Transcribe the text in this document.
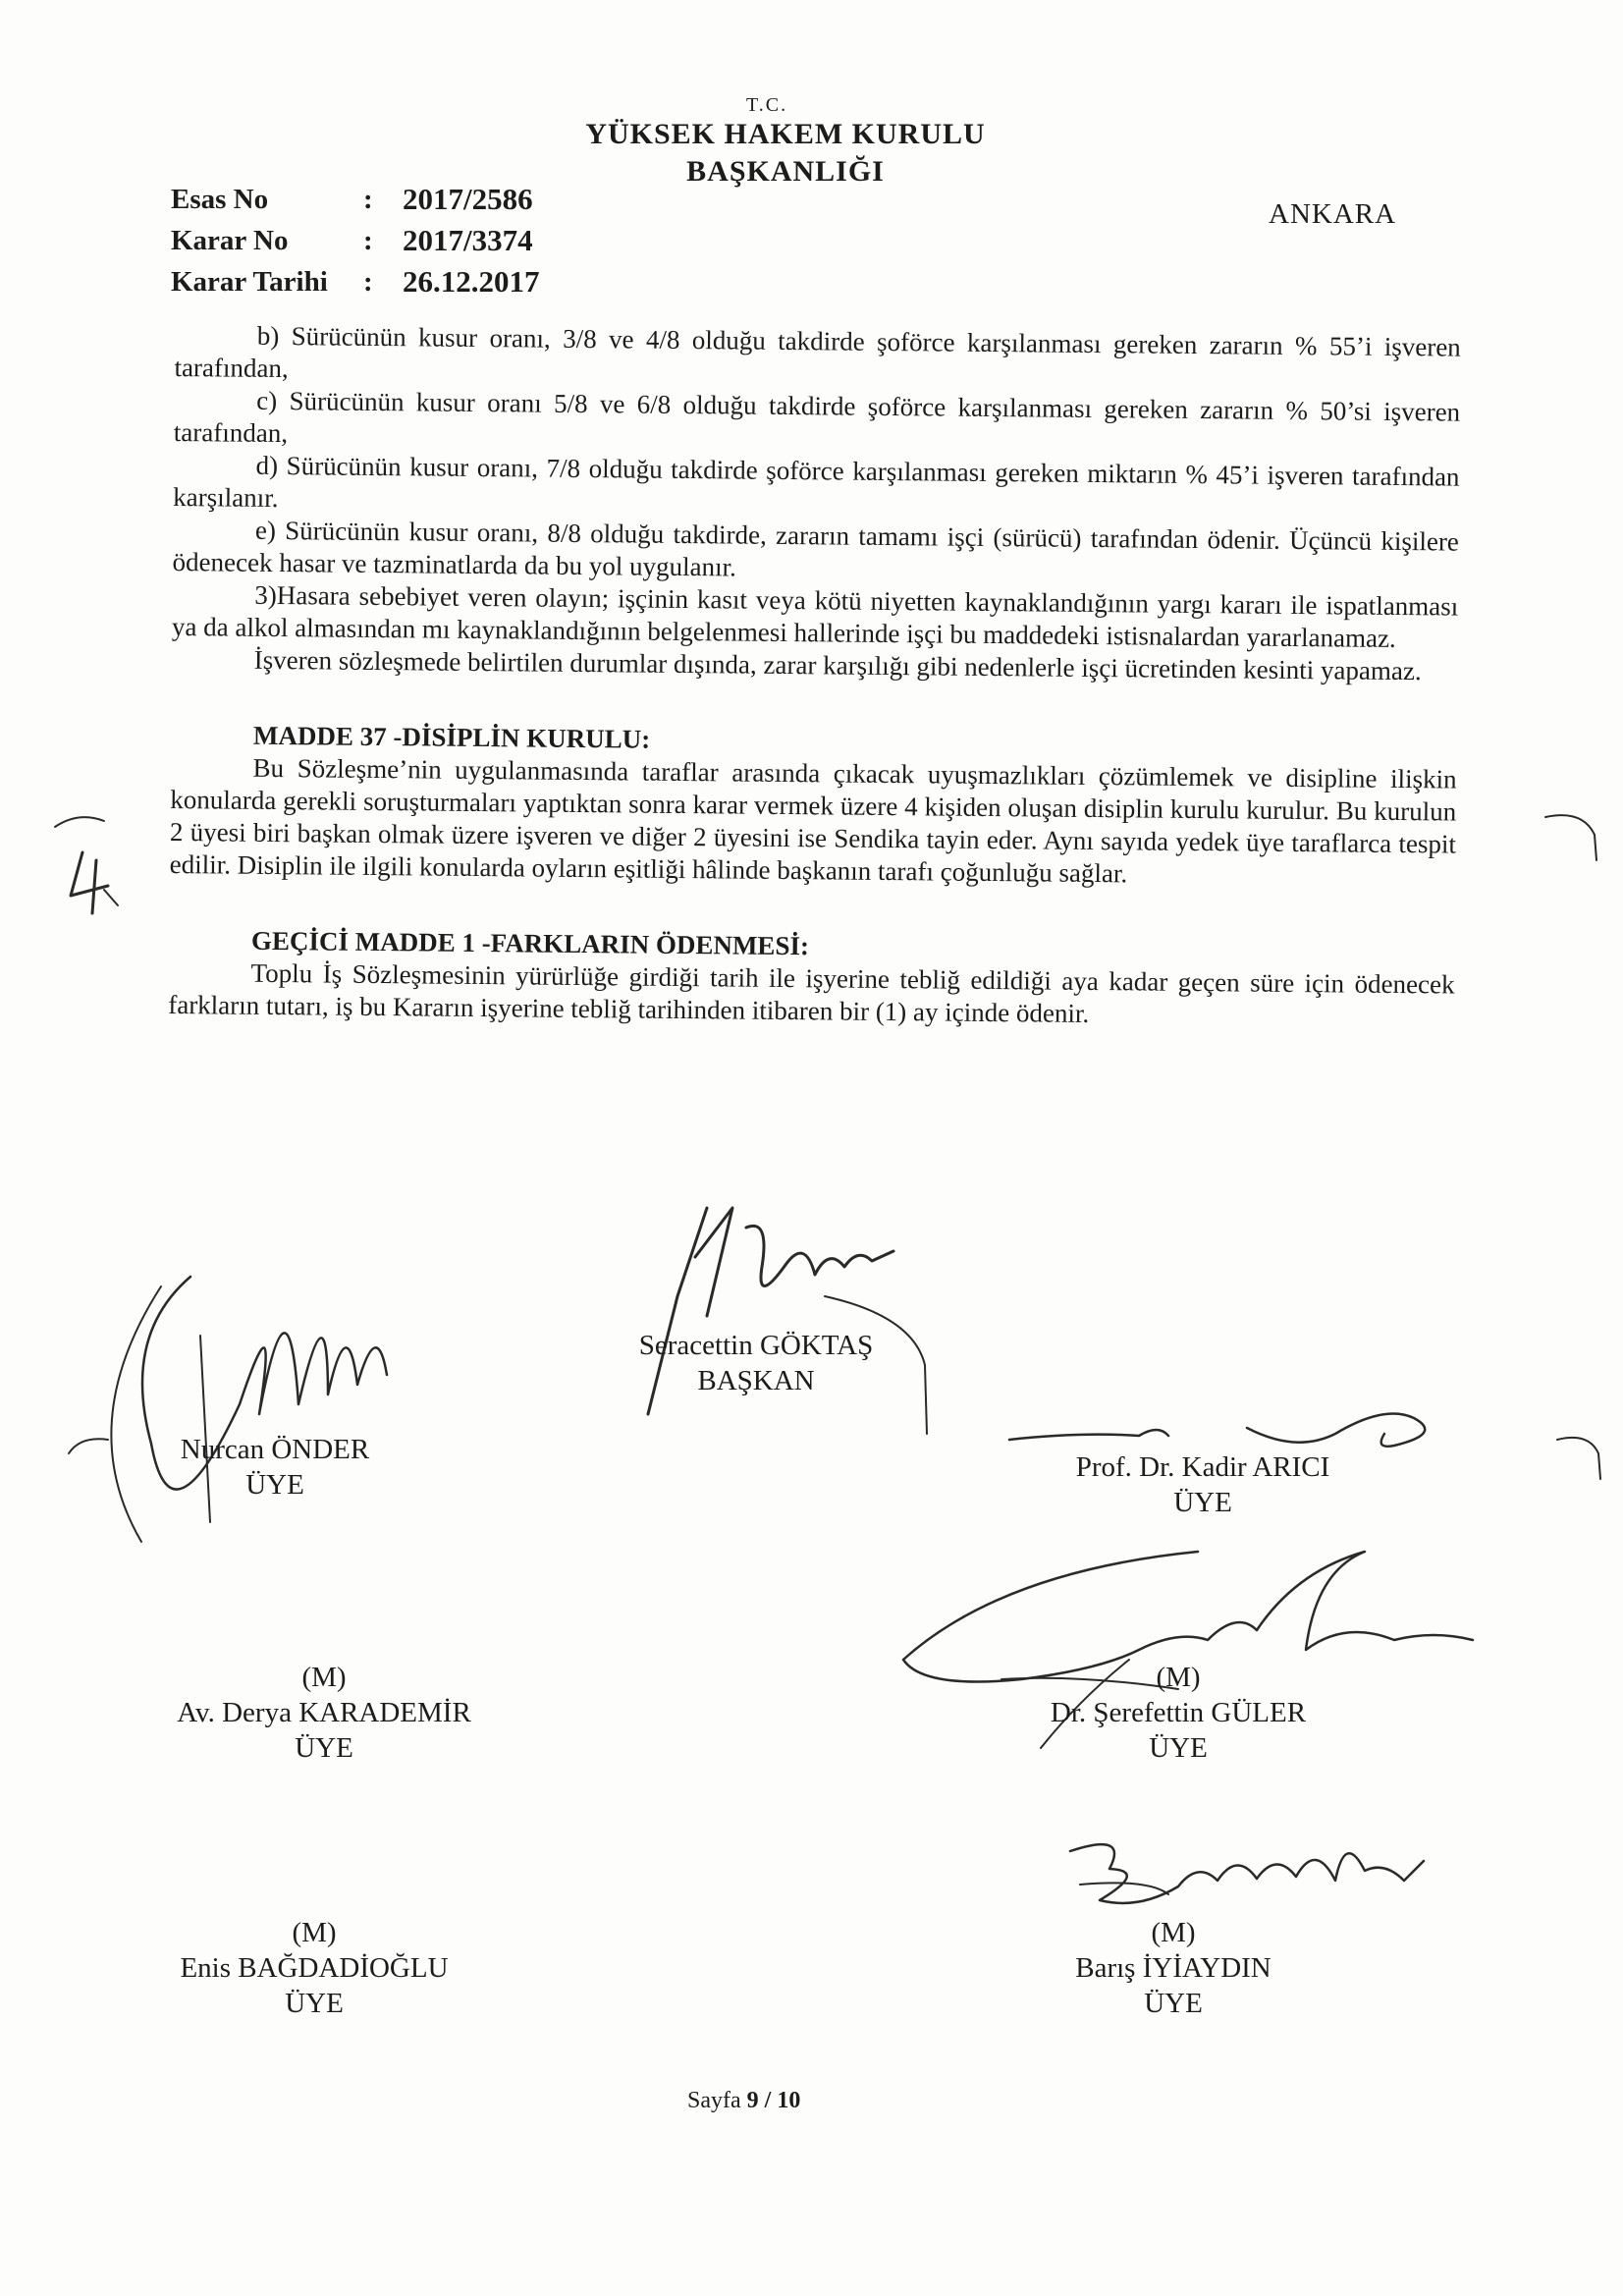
T.C.
YÜKSEK HAKEM KURULU
BAŞKANLIĞI
Esas No	: 2017/2586
Karar No	: 2017/3374
Karar Tarihi	: 26.12.2017
ANKARA

b) Sürücünün kusur oranı, 3/8 ve 4/8 olduğu takdirde şoförce karşılanması gereken zararın % 55’i işveren tarafından,

c) Sürücünün kusur oranı 5/8 ve 6/8 olduğu takdirde şoförce karşılanması gereken zararın % 50’si işveren tarafından,

d) Sürücünün kusur oranı, 7/8 olduğu takdirde şoförce karşılanması gereken miktarın % 45’i işveren tarafından karşılanır.

e) Sürücünün kusur oranı, 8/8 olduğu takdirde, zararın tamamı işçi (sürücü) tarafından ödenir. Üçüncü kişilere ödenecek hasar ve tazminatlarda da bu yol uygulanır.

3)Hasara sebebiyet veren olayın; işçinin kasıt veya kötü niyetten kaynaklandığının yargı kararı ile ispatlanması ya da alkol almasından mı kaynaklandığının belgelenmesi hallerinde işçi bu maddedeki istisnalardan yararlanamaz.

İşveren sözleşmede belirtilen durumlar dışında, zarar karşılığı gibi nedenlerle işçi ücretinden kesinti yapamaz.

MADDE 37 -DİSİPLİN KURULU:

Bu Sözleşme’nin uygulanmasında taraflar arasında çıkacak uyuşmazlıkları çözümlemek ve disipline ilişkin konularda gerekli soruşturmaları yaptıktan sonra karar vermek üzere 4 kişiden oluşan disiplin kurulu kurulur. Bu kurulun 2 üyesi biri başkan olmak üzere işveren ve diğer 2 üyesini ise Sendika tayin eder. Aynı sayıda yedek üye taraflarca tespit edilir. Disiplin ile ilgili konularda oyların eşitliği hâlinde başkanın tarafı çoğunluğu sağlar.

GEÇİCİ MADDE 1 -FARKLARIN ÖDENMESİ:

Toplu İş Sözleşmesinin yürürlüğe girdiği tarih ile işyerine tebliğ edildiği aya kadar geçen süre için ödenecek farkların tutarı, iş bu Kararın işyerine tebliğ tarihinden itibaren bir (1) ay içinde ödenir.

Seracettin GÖKTAŞ
BAŞKAN
Nurcan ÖNDER
ÜYE
Prof. Dr. Kadir ARICI
ÜYE
(M)
Dr. Şerefettin GÜLER
ÜYE
(M)
Av. Derya KARADEMİR
ÜYE
(M)
Barış İYİAYDIN
ÜYE
(M)
Enis BAĞDADİOĞLU
ÜYE
Sayfa 9 / 10
